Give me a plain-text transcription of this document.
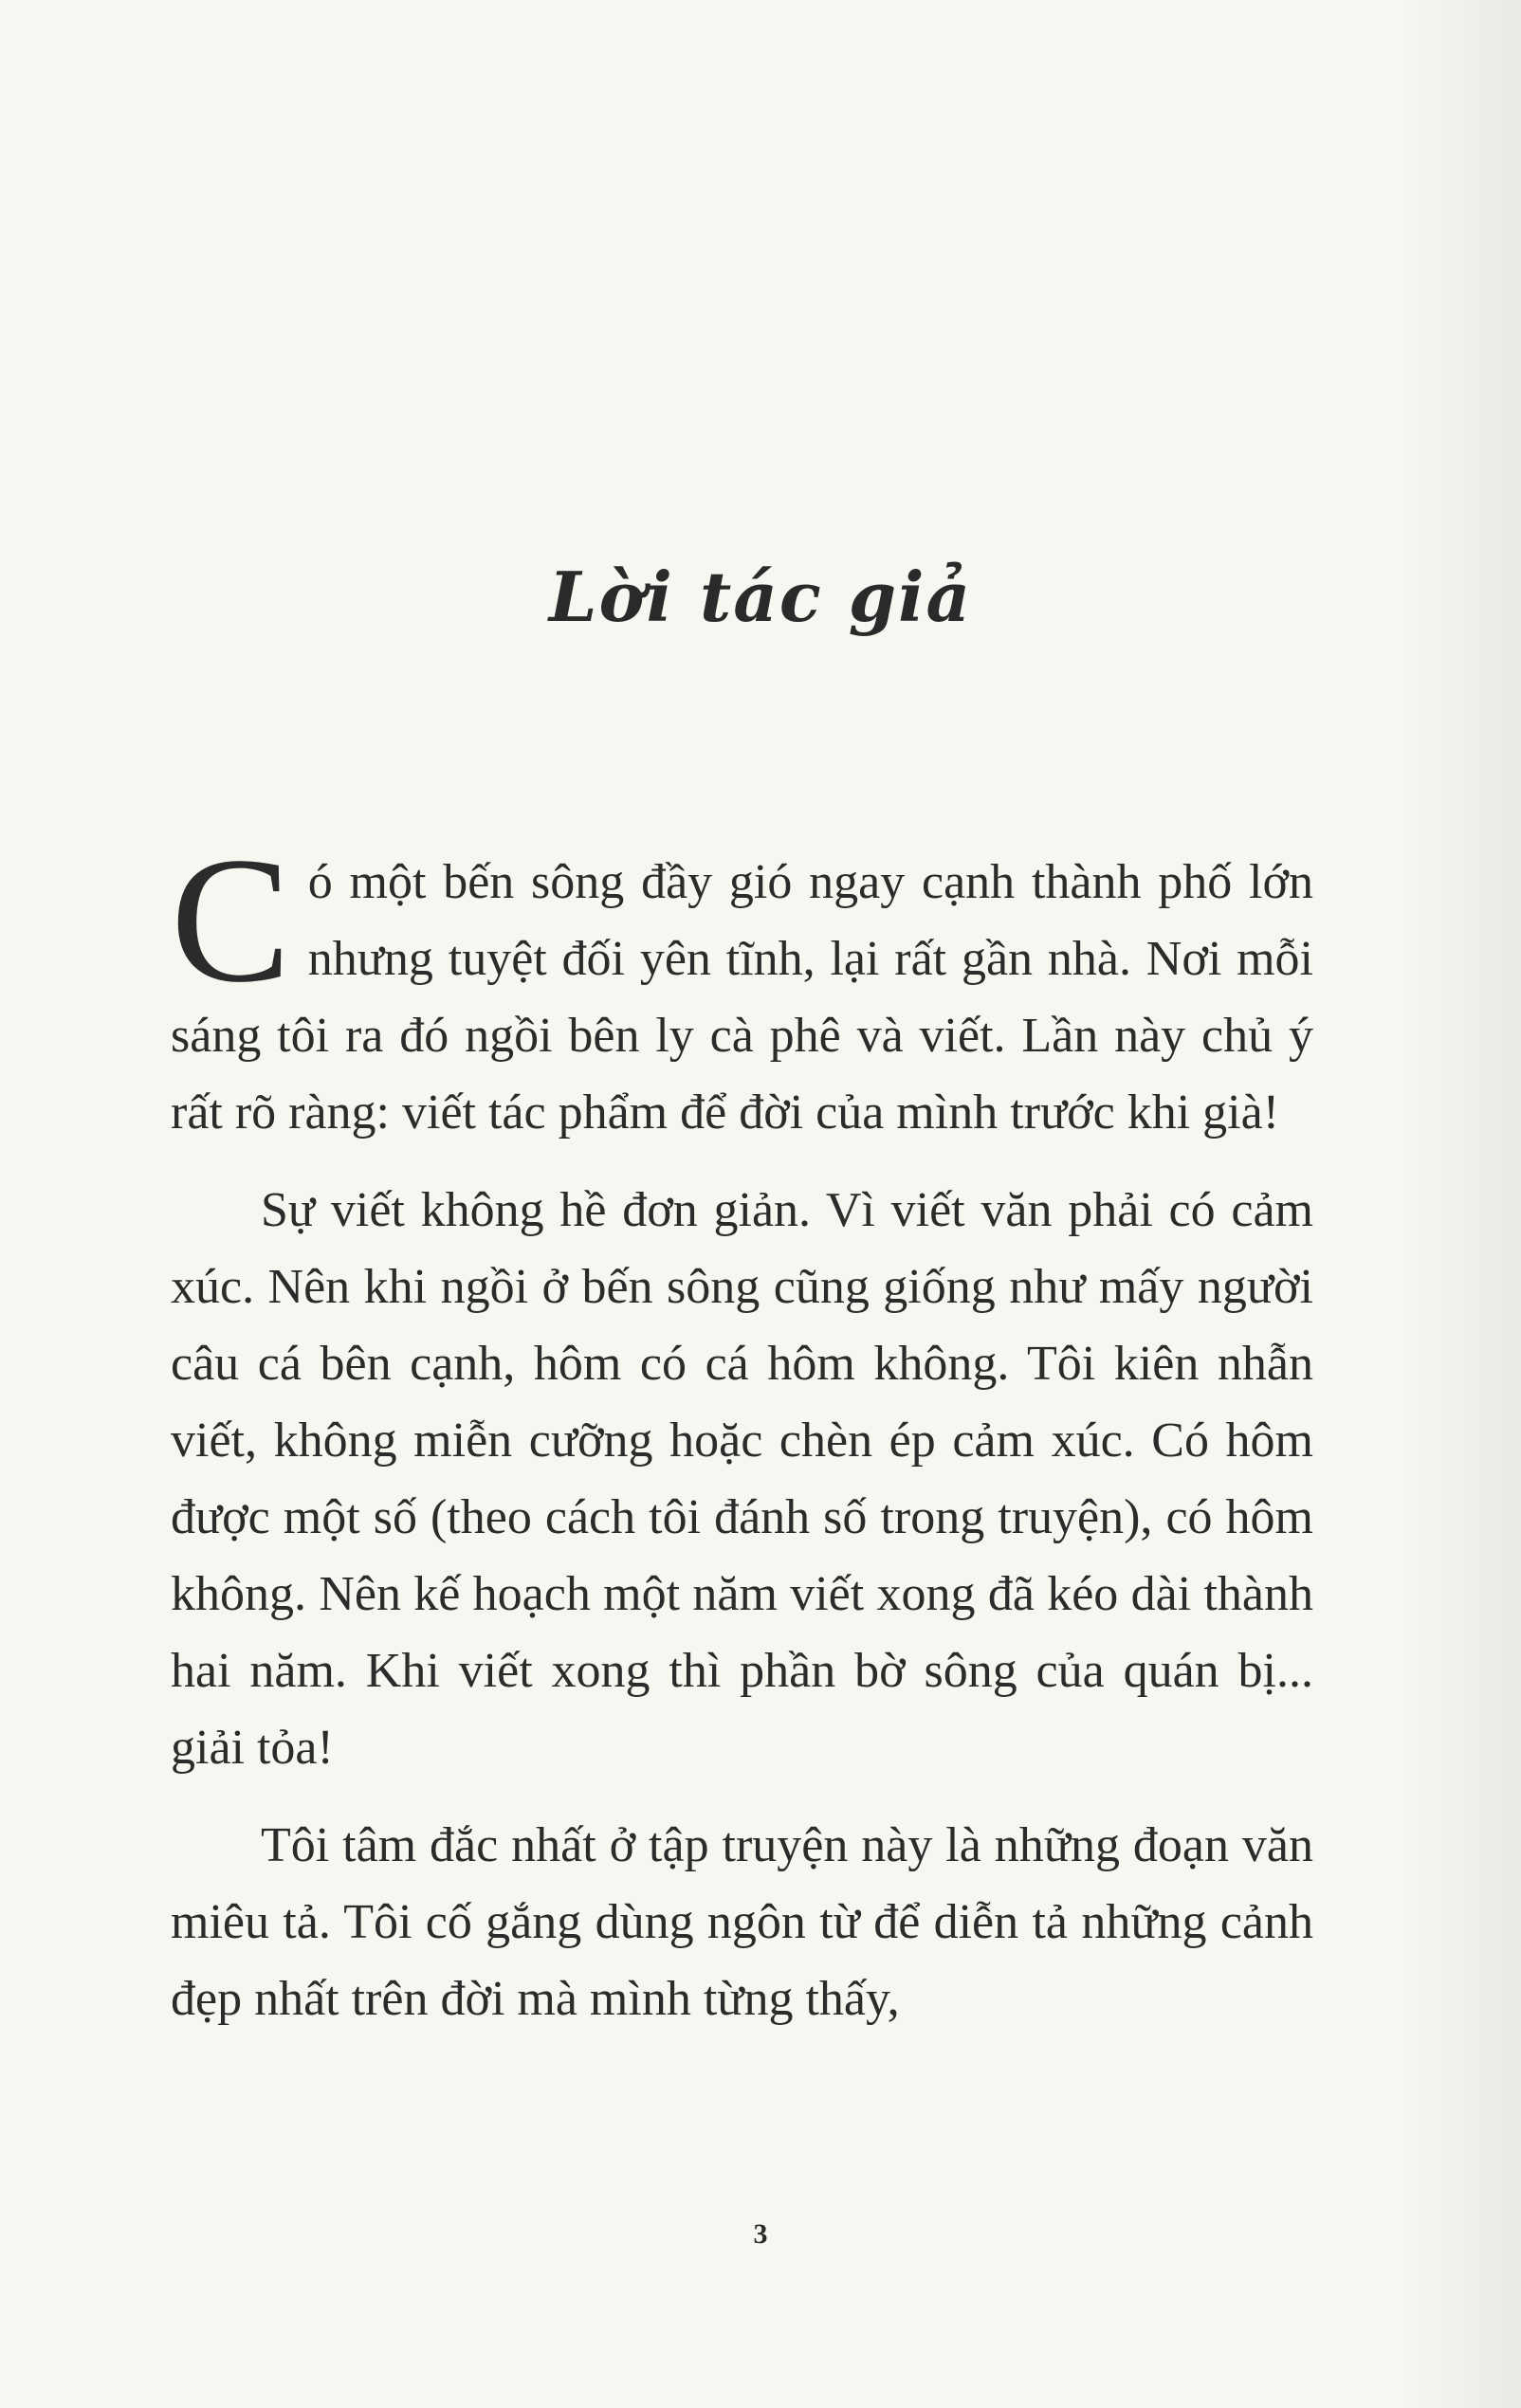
Lời tác giả

Có một bến sông đầy gió ngay cạnh thành phố lớn nhưng tuyệt đối yên tĩnh, lại rất gần nhà. Nơi mỗi sáng tôi ra đó ngồi bên ly cà phê và viết. Lần này chủ ý rất rõ ràng: viết tác phẩm để đời của mình trước khi già!

Sự viết không hề đơn giản. Vì viết văn phải có cảm xúc. Nên khi ngồi ở bến sông cũng giống như mấy người câu cá bên cạnh, hôm có cá hôm không. Tôi kiên nhẫn viết, không miễn cưỡng hoặc chèn ép cảm xúc. Có hôm được một số (theo cách tôi đánh số trong truyện), có hôm không. Nên kế hoạch một năm viết xong đã kéo dài thành hai năm. Khi viết xong thì phần bờ sông của quán bị... giải tỏa!

Tôi tâm đắc nhất ở tập truyện này là những đoạn văn miêu tả. Tôi cố gắng dùng ngôn từ để diễn tả những cảnh đẹp nhất trên đời mà mình từng thấy,

3
